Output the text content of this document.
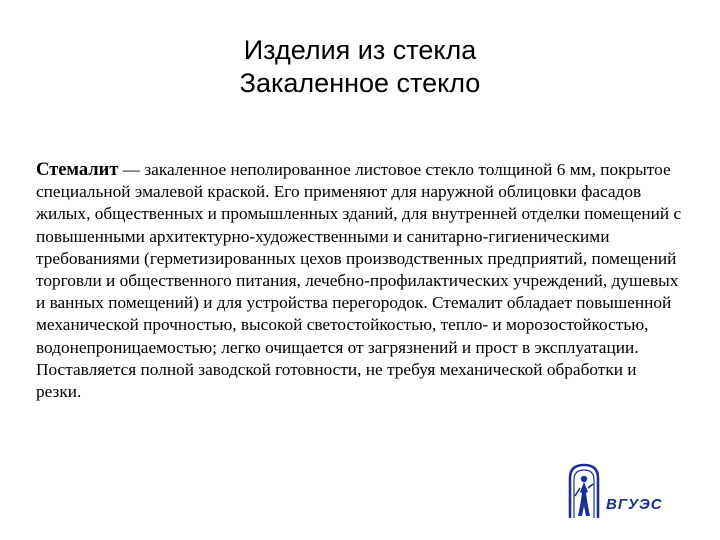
Изделия из стекла
Закаленное стекло
Стемалит — закаленное неполированное листовое стекло толщиной 6 мм, покрытое специальной эмалевой краской. Его применяют для наружной облицовки фасадов жилых, общественных и промышленных зданий, для внутренней отделки помещений с повышенными архитектурно-художественными и санитарно-гигиеническими требованиями (герметизированных цехов производственных предприятий, помещений торговли и общественного питания, лечебно-профилактических учреждений, душевых и ванных помещений) и для устройства перегородок. Стемалит обладает повышенной механической прочностью, высокой светостойкостью, тепло- и морозостойкостью, водонепроницаемостью; легко очищается от загрязнений и прост в эксплуатации. Поставляется полной заводской готовности, не требуя механической обработки и резки.
ВГУЭС
